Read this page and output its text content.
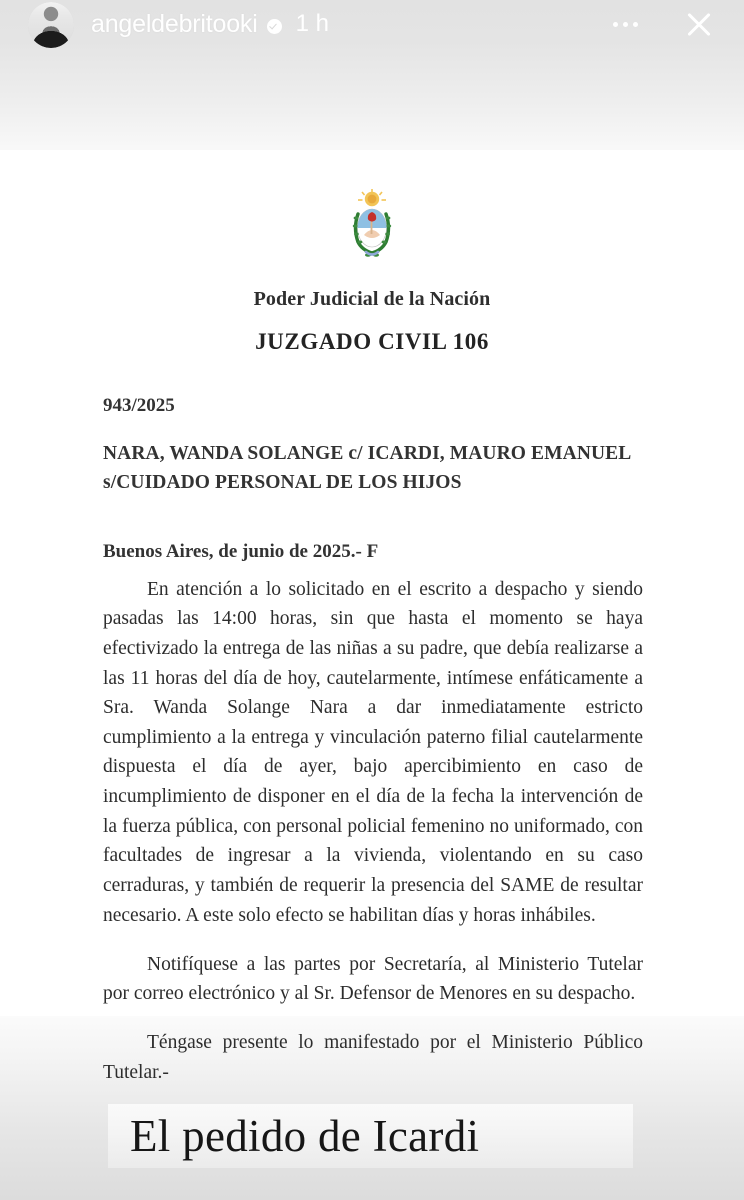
angeldebritooki 1 h
Poder Judicial de la Nación
JUZGADO CIVIL 106
943/2025
NARA, WANDA SOLANGE c/ ICARDI, MAURO EMANUEL
s/CUIDADO PERSONAL DE LOS HIJOS
Buenos Aires, de junio de 2025.- F

En atención a lo solicitado en el escrito a despacho y siendo pasadas las 14:00 horas, sin que hasta el momento se haya efectivizado la entrega de las niñas a su padre, que debía realizarse a las 11 horas del día de hoy, cautelarmente, intímese enfáticamente a Sra. Wanda Solange Nara a dar inmediatamente estricto cumplimiento a la entrega y vinculación paterno filial cautelarmente dispuesta el día de ayer, bajo apercibimiento en caso de incumplimiento de disponer en el día de la fecha la intervención de la fuerza pública, con personal policial femenino no uniformado, con facultades de ingresar a la vivienda, violentando en su caso cerraduras, y también de requerir la presencia del SAME de resultar necesario. A este solo efecto se habilitan días y horas inhábiles.

Notifíquese a las partes por Secretaría, al Ministerio Tutelar por correo electrónico y al Sr. Defensor de Menores en su despacho.

Téngase presente lo manifestado por el Ministerio Público Tutelar.-

El pedido de Icardi
